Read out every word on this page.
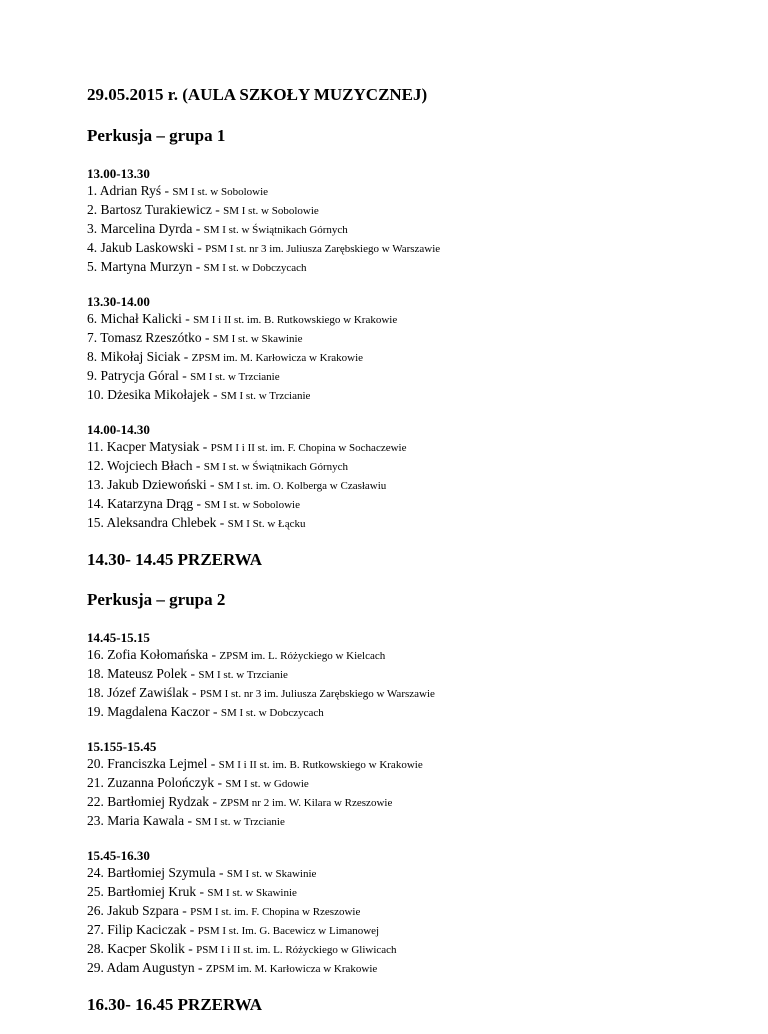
29.05.2015 r. (AULA SZKOŁY MUZYCZNEJ)
Perkusja – grupa 1
13.00-13.30
1. Adrian Ryś - SM I st. w Sobolowie
2. Bartosz Turakiewicz - SM I st. w Sobolowie
3. Marcelina Dyrda - SM I st. w Świątnikach Górnych
4. Jakub Laskowski - PSM I st. nr 3 im. Juliusza Zarębskiego w Warszawie
5. Martyna Murzyn - SM I st. w Dobczycach
13.30-14.00
6. Michał Kalicki - SM I i II st. im. B. Rutkowskiego w Krakowie
7. Tomasz Rzeszótko - SM I st. w Skawinie
8. Mikołaj Siciak - ZPSM im. M. Karłowicza w Krakowie
9. Patrycja Góral - SM I st. w Trzcianie
10. Dżesika Mikołajek - SM I st. w Trzcianie
14.00-14.30
11. Kacper Matysiak - PSM I i II st. im. F. Chopina w Sochaczewie
12. Wojciech Błach - SM I st. w Świątnikach Górnych
13. Jakub Dziewoński - SM I st. im. O. Kolberga w Czasławiu
14. Katarzyna Drąg - SM I st. w Sobolowie
15. Aleksandra Chlebek - SM I St. w Łącku
14.30- 14.45 PRZERWA
Perkusja – grupa 2
14.45-15.15
16. Zofia Kołomańska - ZPSM im. L. Różyckiego w Kielcach
18. Mateusz Polek - SM I st. w Trzcianie
18. Józef Zawiślak - PSM I st. nr 3 im. Juliusza Zarębskiego w Warszawie
19. Magdalena Kaczor - SM I st. w Dobczycach
15.155-15.45
20. Franciszka Lejmel - SM I i II st. im. B. Rutkowskiego w Krakowie
21. Zuzanna Polończyk - SM I st. w Gdowie
22. Bartłomiej Rydzak - ZPSM nr 2 im. W. Kilara w Rzeszowie
23. Maria Kawala - SM I st. w Trzcianie
15.45-16.30
24. Bartłomiej Szymula - SM I st. w Skawinie
25. Bartłomiej Kruk - SM I st. w Skawinie
26. Jakub Szpara - PSM I st. im. F. Chopina w Rzeszowie
27. Filip Kaciczak - PSM I st. Im. G. Bacewicz w Limanowej
28. Kacper Skolik - PSM I i II st. im. L. Różyckiego w Gliwicach
29. Adam Augustyn - ZPSM im. M. Karłowicza w Krakowie
16.30- 16.45 PRZERWA
